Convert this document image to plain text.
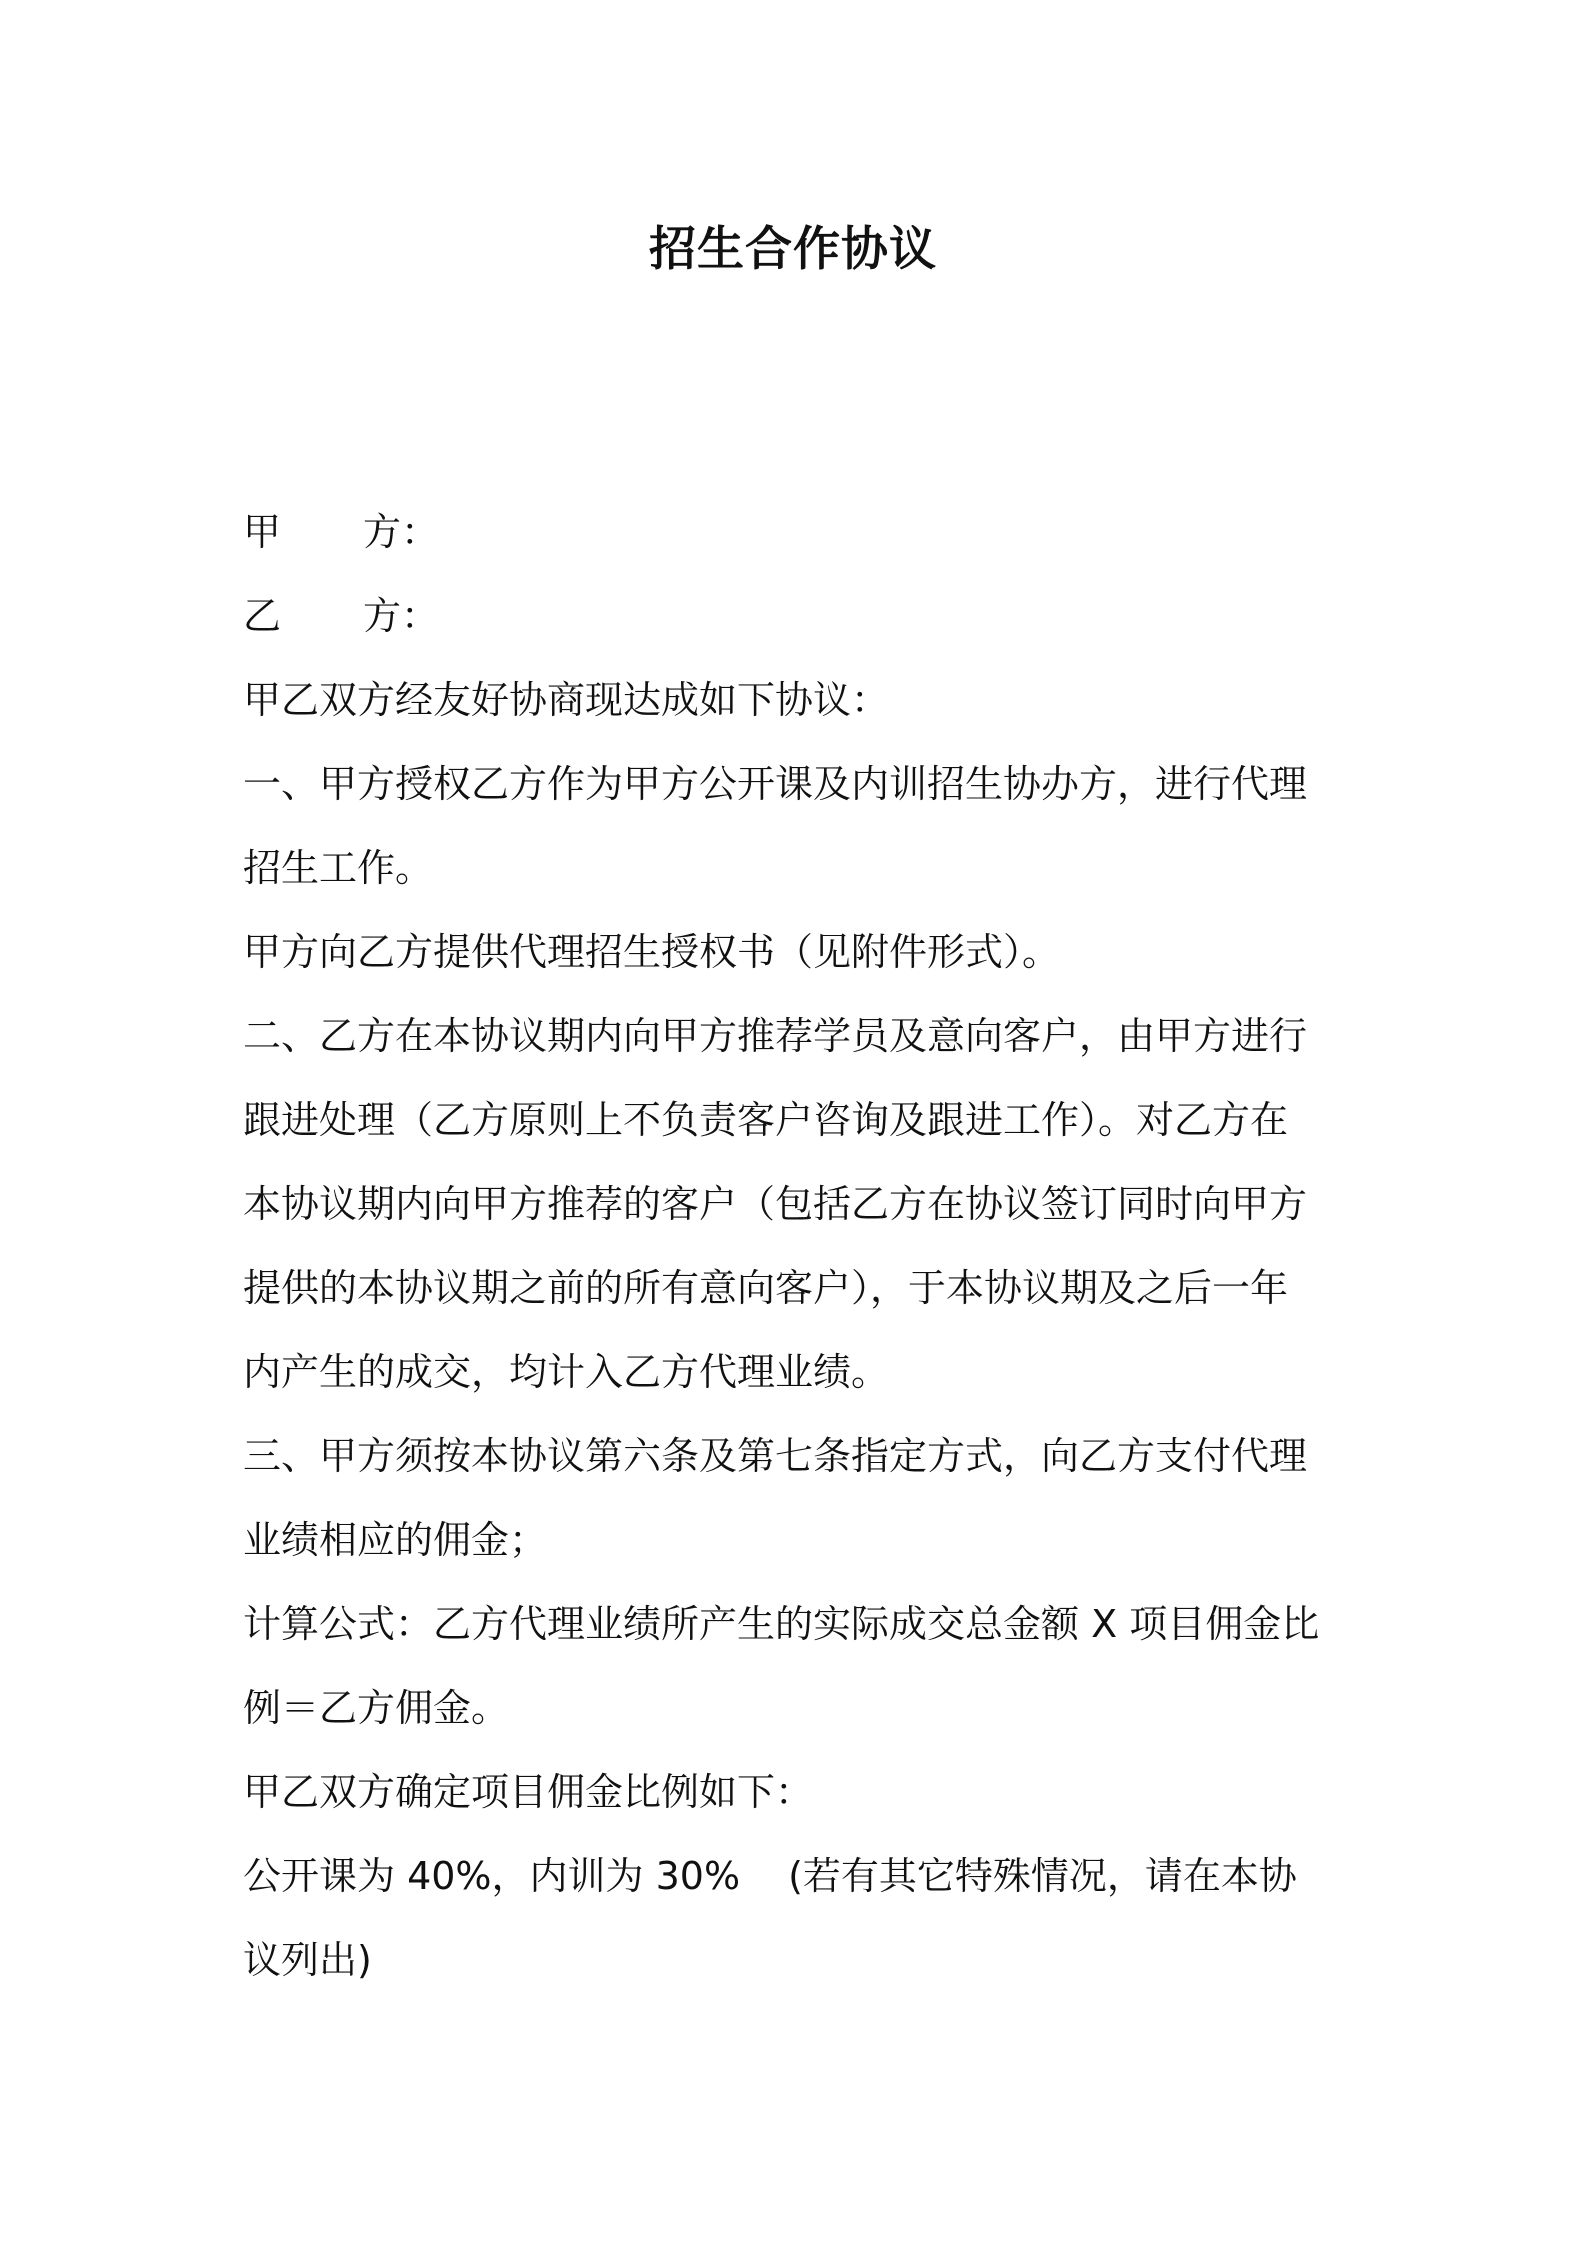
招生合作协议
甲 方：
乙 方：
甲乙双方经友好协商现达成如下协议：
一、甲方授权乙方作为甲方公开课及内训招生协办方，进行代理
招生工作。
甲方向乙方提供代理招生授权书（见附件形式）。
二、乙方在本协议期内向甲方推荐学员及意向客户，由甲方进行
跟进处理（乙方原则上不负责客户咨询及跟进工作）。对乙方在
本协议期内向甲方推荐的客户（包括乙方在协议签订同时向甲方
提供的本协议期之前的所有意向客户），于本协议期及之后一年
内产生的成交，均计入乙方代理业绩。
三、甲方须按本协议第六条及第七条指定方式，向乙方支付代理
业绩相应的佣金；
计算公式：乙方代理业绩所产生的实际成交总金额 X 项目佣金比
例＝乙方佣金。
甲乙双方确定项目佣金比例如下：
公开课为 40%，内训为 30% (若有其它特殊情况，请在本协
议列出)
